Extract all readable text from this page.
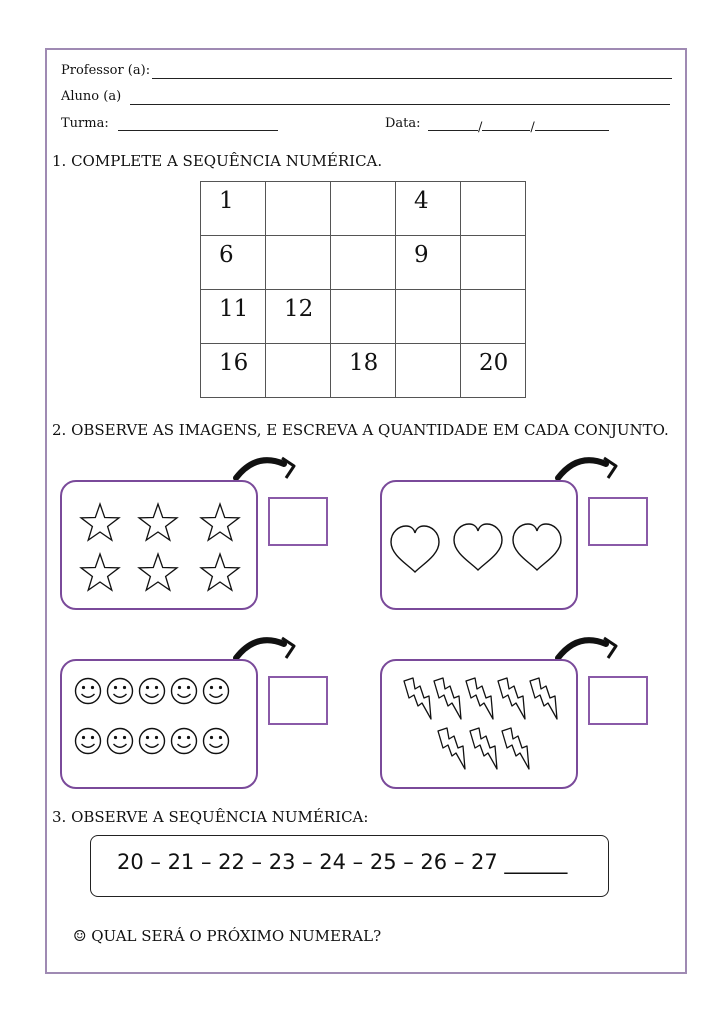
Professor (a):
Aluno (a)
Turma:	Data:	/	/
1. COMPLETE A SEQUÊNCIA NUMÉRICA.
1			4	
6			9	
11	12			
16		18		20
2. OBSERVE AS IMAGENS, E ESCREVA A QUANTIDADE EM CADA CONJUNTO.
3. OBSERVE A SEQUÊNCIA NUMÉRICA:
20 – 21 – 22 – 23 – 24 – 25 – 26 – 27 ______
☺ QUAL SERÁ O PRÓXIMO NUMERAL?
